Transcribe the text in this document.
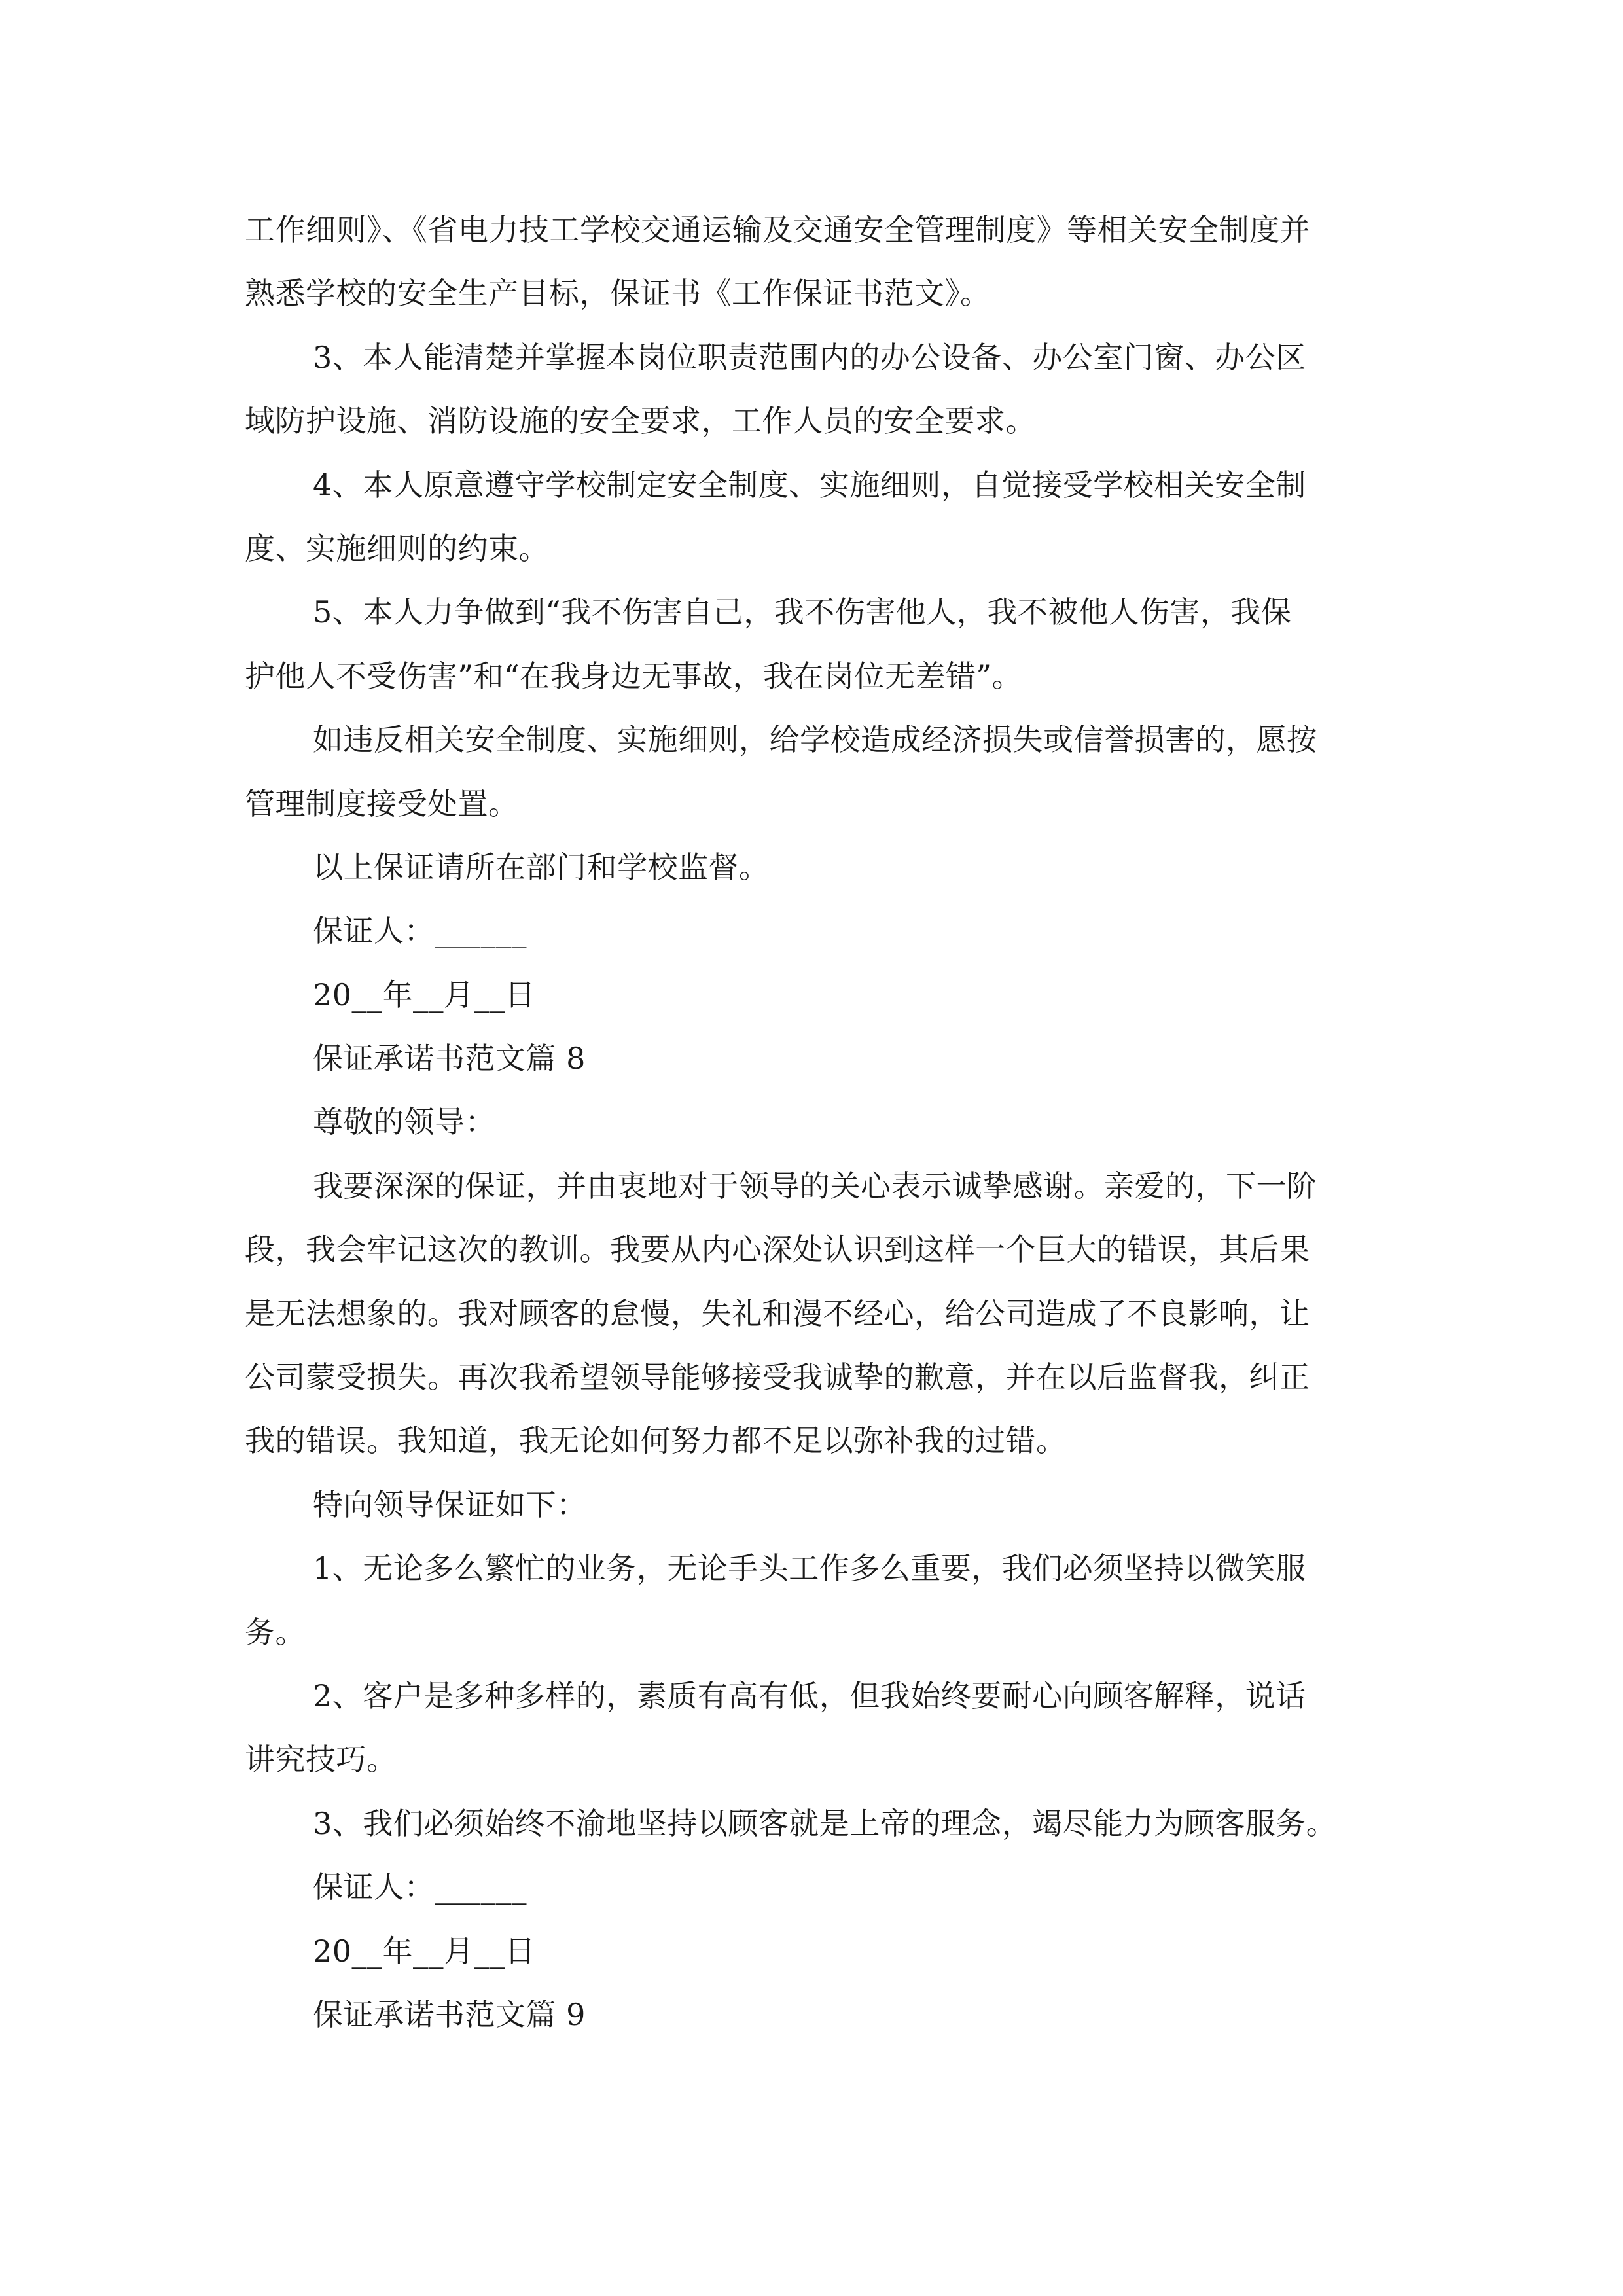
工作细则》、《省电力技工学校交通运输及交通安全管理制度》等相关安全制度并
熟悉学校的安全生产目标，保证书《工作保证书范文》。
3、本人能清楚并掌握本岗位职责范围内的办公设备、办公室门窗、办公区
域防护设施、消防设施的安全要求，工作人员的安全要求。
4、本人原意遵守学校制定安全制度、实施细则，自觉接受学校相关安全制
度、实施细则的约束。
5、本人力争做到“我不伤害自己，我不伤害他人，我不被他人伤害，我保
护他人不受伤害”和“在我身边无事故，我在岗位无差错”。
如违反相关安全制度、实施细则，给学校造成经济损失或信誉损害的，愿按
管理制度接受处置。
以上保证请所在部门和学校监督。
保证人：______
20__年__月__日
保证承诺书范文篇 8
尊敬的领导：
我要深深的保证，并由衷地对于领导的关心表示诚挚感谢。亲爱的，下一阶
段，我会牢记这次的教训。我要从内心深处认识到这样一个巨大的错误，其后果
是无法想象的。我对顾客的怠慢，失礼和漫不经心，给公司造成了不良影响，让
公司蒙受损失。再次我希望领导能够接受我诚挚的歉意，并在以后监督我，纠正
我的错误。我知道，我无论如何努力都不足以弥补我的过错。
特向领导保证如下：
1、无论多么繁忙的业务，无论手头工作多么重要，我们必须坚持以微笑服
务。
2、客户是多种多样的，素质有高有低，但我始终要耐心向顾客解释，说话
讲究技巧。
3、我们必须始终不渝地坚持以顾客就是上帝的理念，竭尽能力为顾客服务。
保证人：______
20__年__月__日
保证承诺书范文篇 9
